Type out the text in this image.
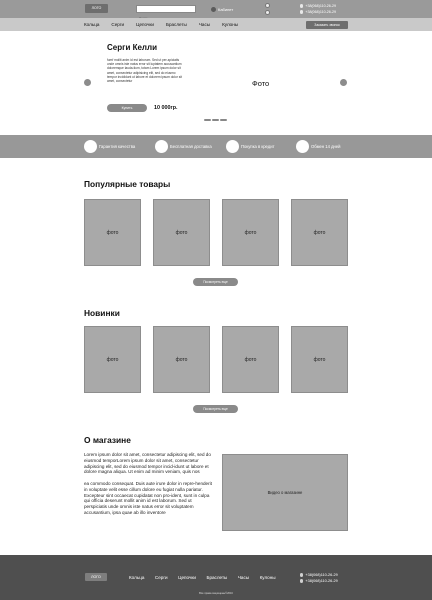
ЛОГО
Поиск	Кабинет
+38(068)110-26-29
+38(068)110-26-29
Кольца	Серги	Цепочки	Браслеты	Часы	Кулоны	Заказать звонок
Серги Келли
fumf mollit anim id est laborum. Sed ut per-spiciatis unde omnis iste natus error sit luptatem accusantium doloremque lauda-tium, totam Lorem ipsum dolor sit amet, consectetur adipisicing elit, sed do eiusmo tempor incididunt ut labore et dolorem ipsum dolor sit amet, consectetur
Купить	10 000гр.
Фото
Гарантия качества	Бесплатная доставка	Покупка в кредит	Обмен 14 дней
Популярные товары
фото	фото	фото	фото
Посмотреть еще
Новинки
фото	фото	фото	фото
Посмотреть еще
О магазине

Lorem ipsum dolor sit amet, consectetur adipiscing elit, sed do eiusmod temporLorem ipsum dolor sit amet, consectetur adipiscing elit, sed do eiusmod tempor incid-idunt ut labore et dolore magna aliqua. Ut enim ad minim veniam, quis nos

ea commodo consequat. Duis aute irure dolor in repre-henderit in voluptate velit esse cillum dolore eu fugiat nulla pariatur. Excepteur sint occaecat cupidatat non pro-ident, sunt in culpa qui officia deserunt mollit anim id est laborum. Sed ut perspiciatis unde omnis iste natus error sit voluptatem accusantium, ipsa quae ab illo inventore

Видео о магазине
ЛОГО	Кольца Серги Цепочки Браслеты Часы Кулоны	+38(068)110-26-29
+38(068)110-26-29
Все права защищены©2016
